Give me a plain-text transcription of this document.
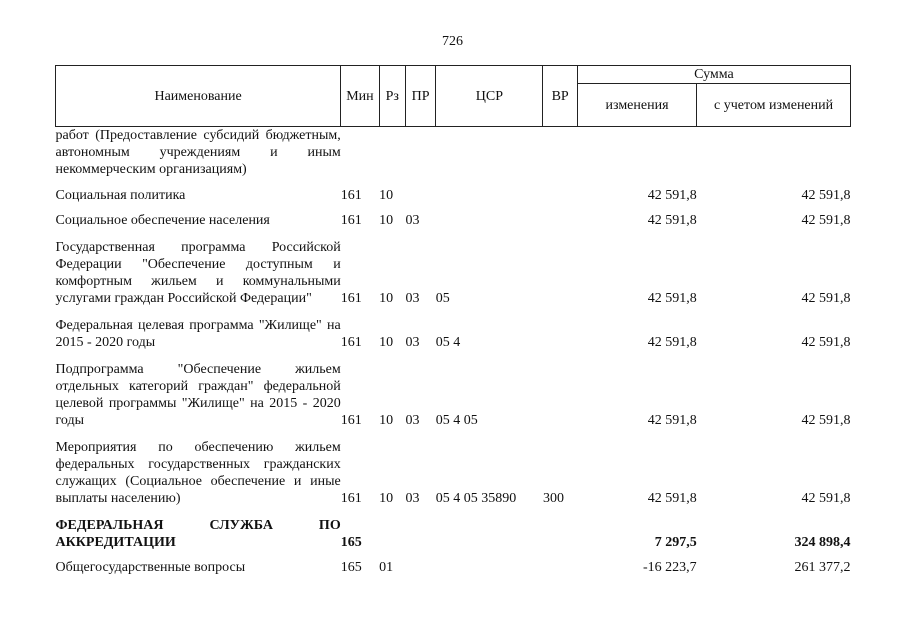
726
Наименование	Мин	Рз	ПР	ЦСР	ВР	Сумма	
						изменения	с учетом изменений
работ (Предоставление субсидий бюджетным, автономным учреждениям и иным некоммерческим организациям)							
Социальная политика	161	10				42 591,8	42 591,8
Социальное обеспечение населения	161	10	03			42 591,8	42 591,8
Государственная программа Российской Федерации "Обеспечение доступным и комфортным жильем и коммунальными услугами граждан Российской Федерации"	161	10	03	05		42 591,8	42 591,8
Федеральная целевая программа "Жилище" на 2015 - 2020 годы	161	10	03	05 4		42 591,8	42 591,8
Подпрограмма "Обеспечение жильем отдельных категорий граждан" федеральной целевой программы "Жилище" на 2015 - 2020 годы	161	10	03	05 4 05		42 591,8	42 591,8
Мероприятия по обеспечению жильем федеральных государственных гражданских служащих (Социальное обеспечение и иные выплаты населению)	161	10	03	05 4 05 35890	300	42 591,8	42 591,8
ФЕДЕРАЛЬНАЯ СЛУЖБА ПО АККРЕДИТАЦИИ	165					7 297,5	324 898,4
Общегосударственные вопросы	165	01				-16 223,7	261 377,2
